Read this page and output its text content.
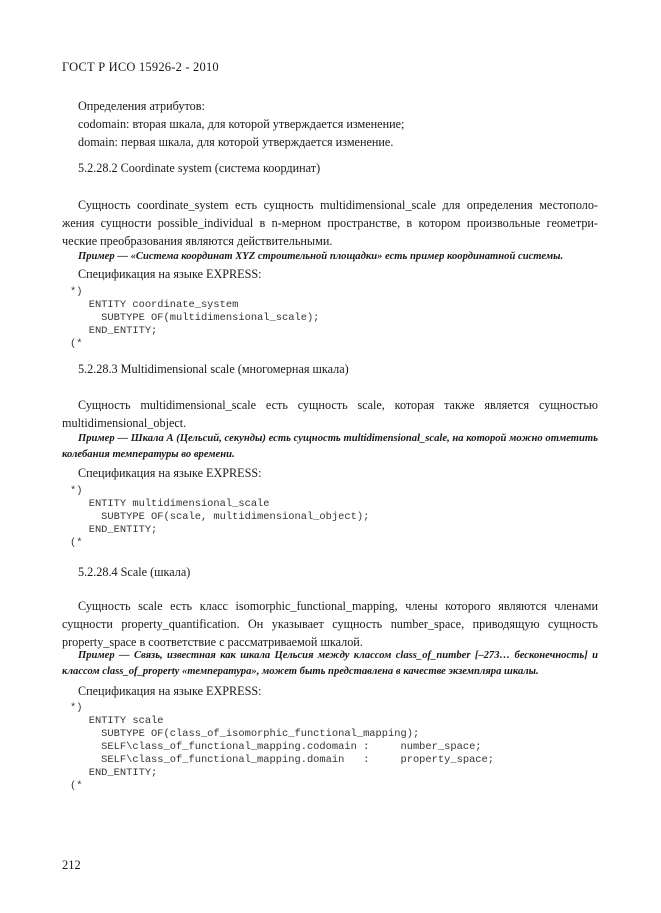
ГОСТ Р ИСО 15926-2 - 2010
Определения атрибутов:
codomain: вторая шкала, для которой утверждается изменение;
domain: первая шкала, для которой утверждается изменение.
5.2.28.2 Coordinate system (система координат)
Сущность coordinate_system есть сущность multidimensional_scale для определения местополо-жения сущности possible_individual в n-мерном пространстве, в котором произвольные геометри-ческие преобразования являются действительными.
Пример — «Система координат XYZ строительной площадки» есть пример координатной системы.
Спецификация на языке EXPRESS:
*)
ENTITY coordinate_system
SUBTYPE OF(multidimensional_scale);
END_ENTITY;
(*
5.2.28.3 Multidimensional scale (многомерная шкала)
Сущность multidimensional_scale есть сущность scale, которая также является сущностью multidimensional_object.
Пример — Шкала А (Цельсий, секунды) есть сущность multidimensional_scale, на которой можно отметить колебания температуры во времени.
Спецификация на языке EXPRESS:
*)
ENTITY multidimensional_scale
SUBTYPE OF(scale, multidimensional_object);
END_ENTITY;
(*
5.2.28.4 Scale (шкала)
Сущность scale есть класс isomorphic_functional_mapping, члены которого являются членами сущности property_quantification. Он указывает сущность number_space, приводящую сущность property_space в соответствие с рассматриваемой шкалой.
Пример — Связь, известная как шкала Цельсия между классом class_of_number [–273… бесконечность] и классом class_of_property «температура», может быть представлена в качестве экземпляра шкалы.
Спецификация на языке EXPRESS:
*)
ENTITY scale
SUBTYPE OF(class_of_isomorphic_functional_mapping);
SELF\class_of_functional_mapping.codomain :     number_space;
SELF\class_of_functional_mapping.domain   :     property_space;
END_ENTITY;
(*
212
